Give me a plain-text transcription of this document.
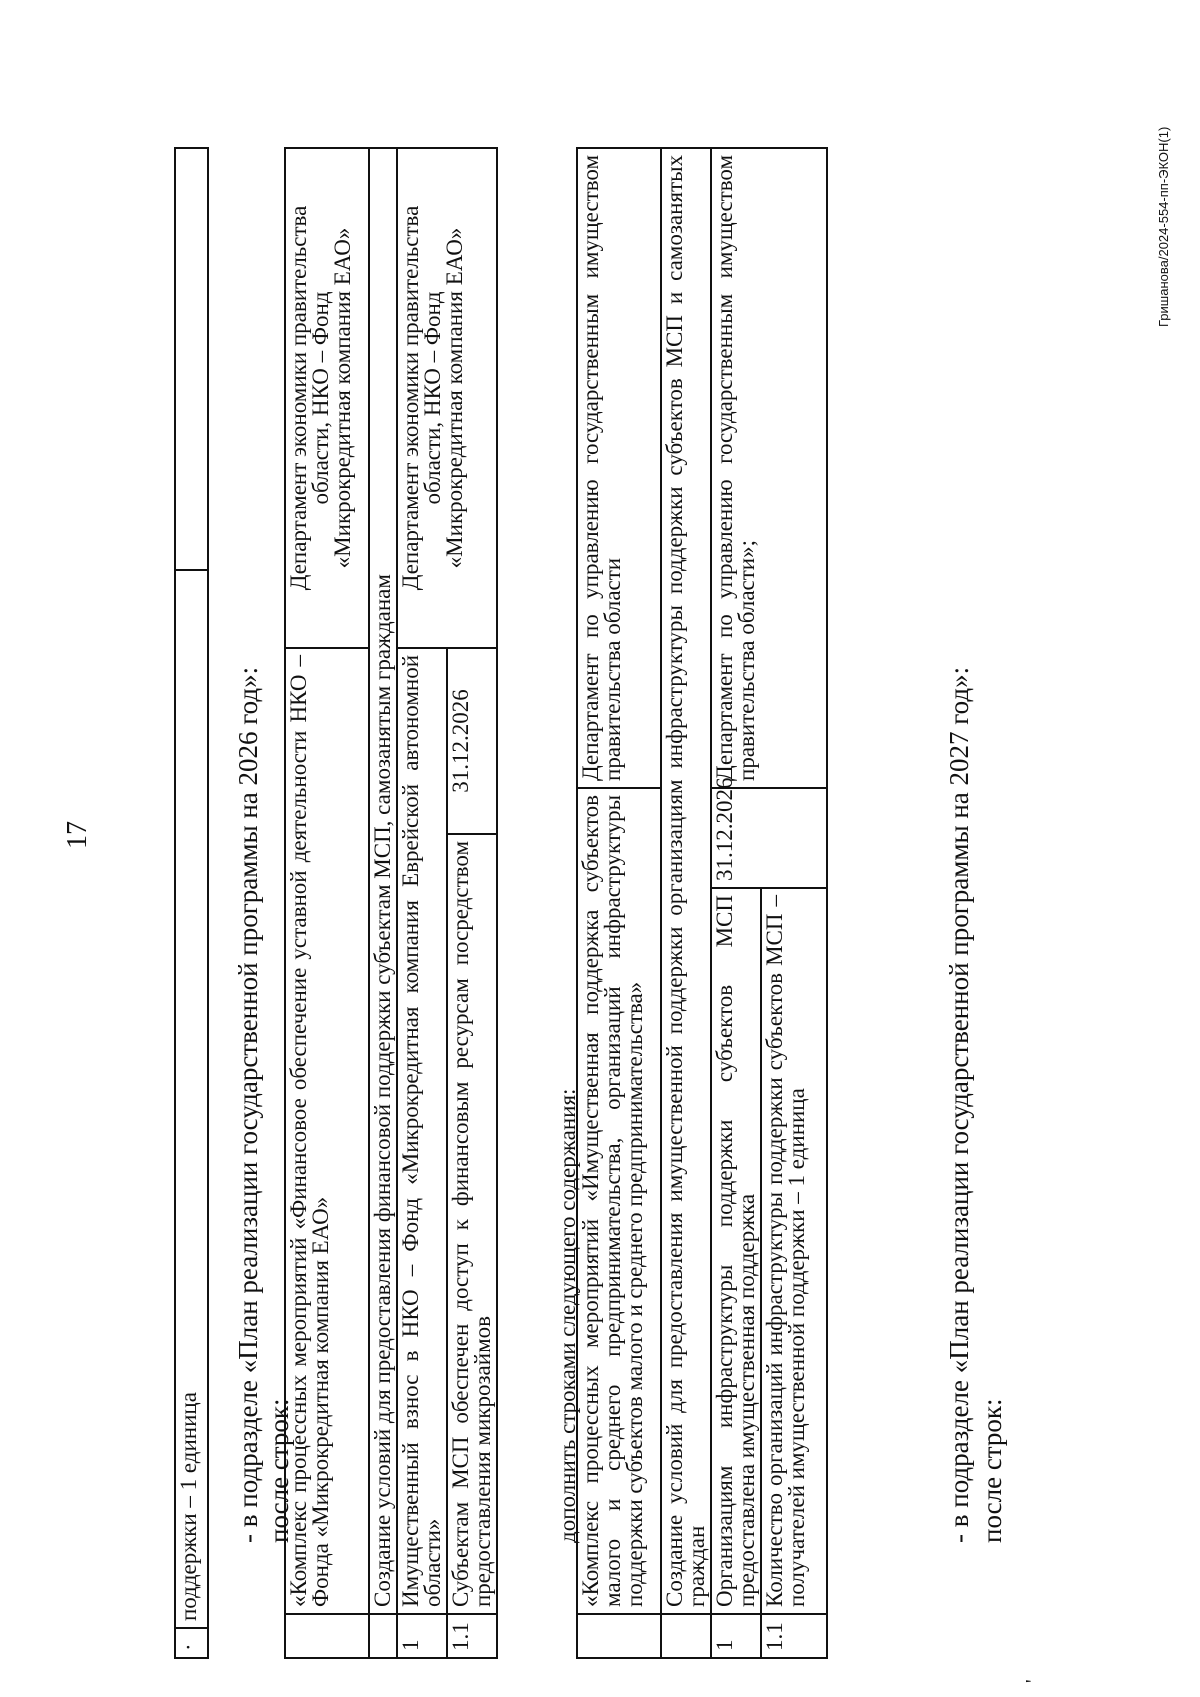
17
Гришанова/2024-554-пп-ЭКОН(1)
'
·	поддержки – 1 единица	- в подразделе «План реализации государственной программы на 2026 год»: после строк:
	«Комплекс процессных мероприятий «Финансовое обеспечение уставной деятельности НКО – Фонда «Микрокредитная компания ЕАО»		Департамент экономики правительства
области, НКО – Фонд
«Микрокредитная компания ЕАО»

	Создание условий для предоставления финансовой поддержки субъектам МСП, самозанятым гражданам		
1	Имущественный взнос в НКО – Фонд «Микрокредитная компания Еврейской автономной области»		Департамент экономики правительства
области, НКО – Фонд
«Микрокредитная компания ЕАО»

1.1	Субъектам МСП обеспечен доступ к финансовым ресурсам посредством предоставления микрозаймов	31.12.2026	
дополнить строками следующего содержания:
	«Комплекс процессных мероприятий «Имущественная поддержка субъектов малого и среднего предпринимательства, организаций инфраструктуры поддержки субъектов малого и среднего предпринимательства»		Департамент по управлению государственным имуществом правительства области
	Создание условий для предоставления имущественной поддержки организациям инфраструктуры поддержки субъектов МСП и самозанятых граждан		
1	Организациям инфраструктуры поддержки субъектов МСП предоставлена имущественная поддержка	31.12.2026	Департамент по управлению государственным имуществом правительства области»;
1.1	Количество организаций инфраструктуры поддержки субъектов МСП – получателей имущественной поддержки – 1 единица			- в подразделе «План реализации государственной программы на 2027 год»: после строк:
